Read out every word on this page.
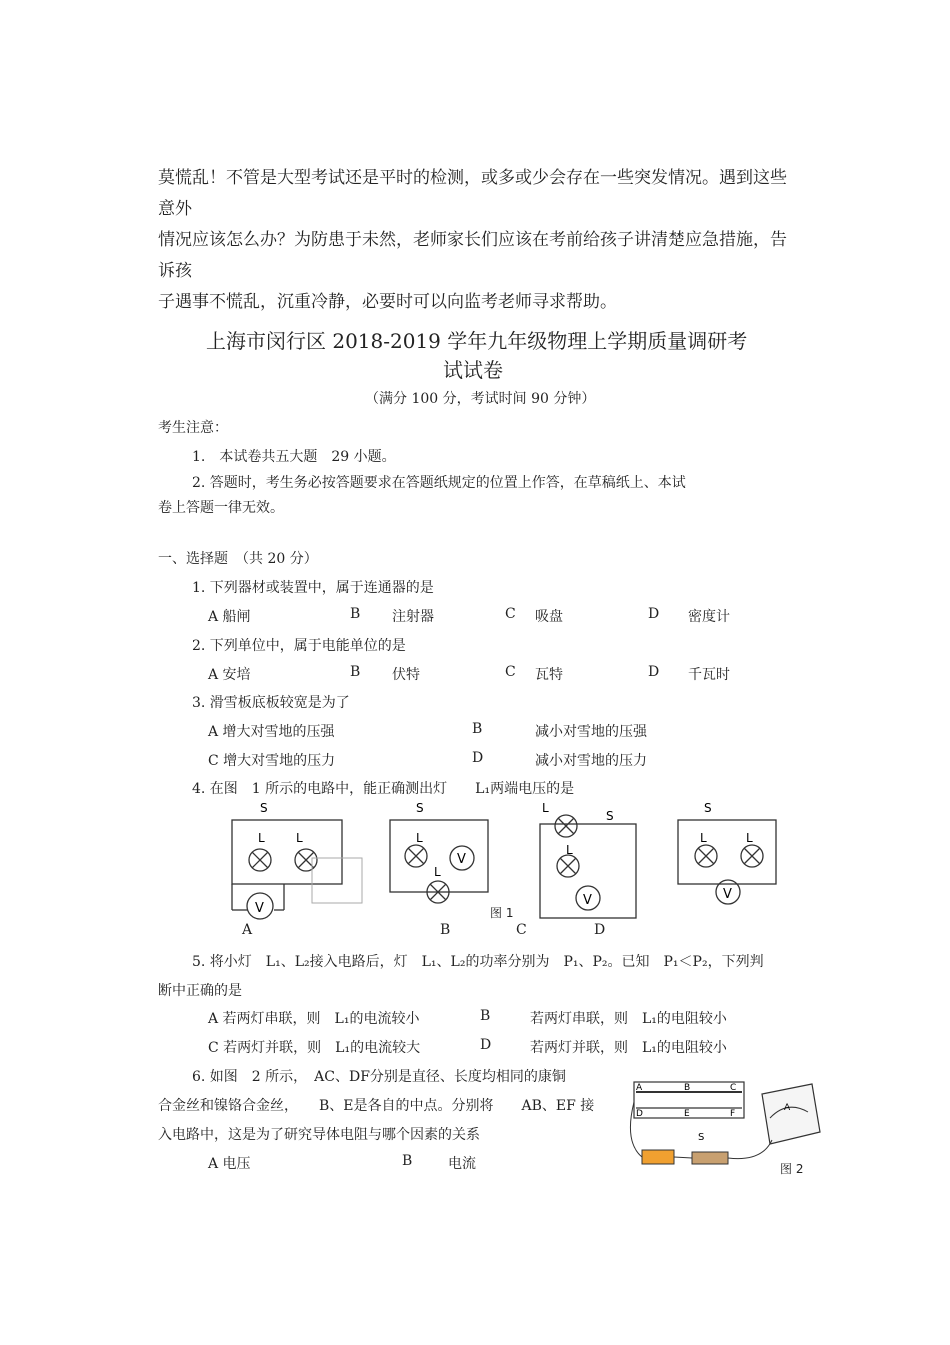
莫慌乱！不管是大型考试还是平时的检测，或多或少会存在一些突发情况。遇到这些意外

情况应该怎么办？为防患于未然，老师家长们应该在考前给孩子讲清楚应急措施，告诉孩

子遇事不慌乱，沉重冷静，必要时可以向监考老师寻求帮助。

上海市闵行区 2018-2019 学年九年级物理上学期质量调研考
试试卷
（满分 100 分，考试时间 90 分钟）
考生注意：
1.　本试卷共五大题　29 小题。
2. 答题时，考生务必按答题要求在答题纸规定的位置上作答，在草稿纸上、本试
卷上答题一律无效。
一、选择题　（共 20 分）
1. 下列器材或装置中，属于连通器的是
A 船闸	B 注射器	C 吸盘	D 密度计
2. 下列单位中，属于电能单位的是
A 安培	B 伏特	C 瓦特	D 千瓦时
3. 滑雪板底板较宽是为了
A 增大对雪地的压强	B	减小对雪地的压强
C 增大对雪地的压力	D	减小对雪地的压力
4. 在图　1 所示的电路中，能正确测出灯　　L₁两端电压的是
V
L	L
S
V
S
L
L
V
L
S
L
V
S
L	L
图 1
A	B	C	D
5. 将小灯　L₁、L₂接入电路后，灯　L₁、L₂的功率分别为　P₁、P₂。已知　P₁＜P₂，下列判
断中正确的是
A 若两灯串联，则　L₁的电流较小	B	若两灯串联，则　L₁的电阻较小
C 若两灯并联，则　L₁的电流较大	D	若两灯并联，则　L₁的电阻较小
6. 如图　2 所示，　AC、DF分别是直径、长度均相同的康铜
合金丝和镍铬合金丝，　　B、E是各自的中点。分别将　　AB、EF 接
入电路中，这是为了研究导体电阻与哪个因素的关系
A 电压	B	电流
A	B	C
D	E	F
A
S
图 2
